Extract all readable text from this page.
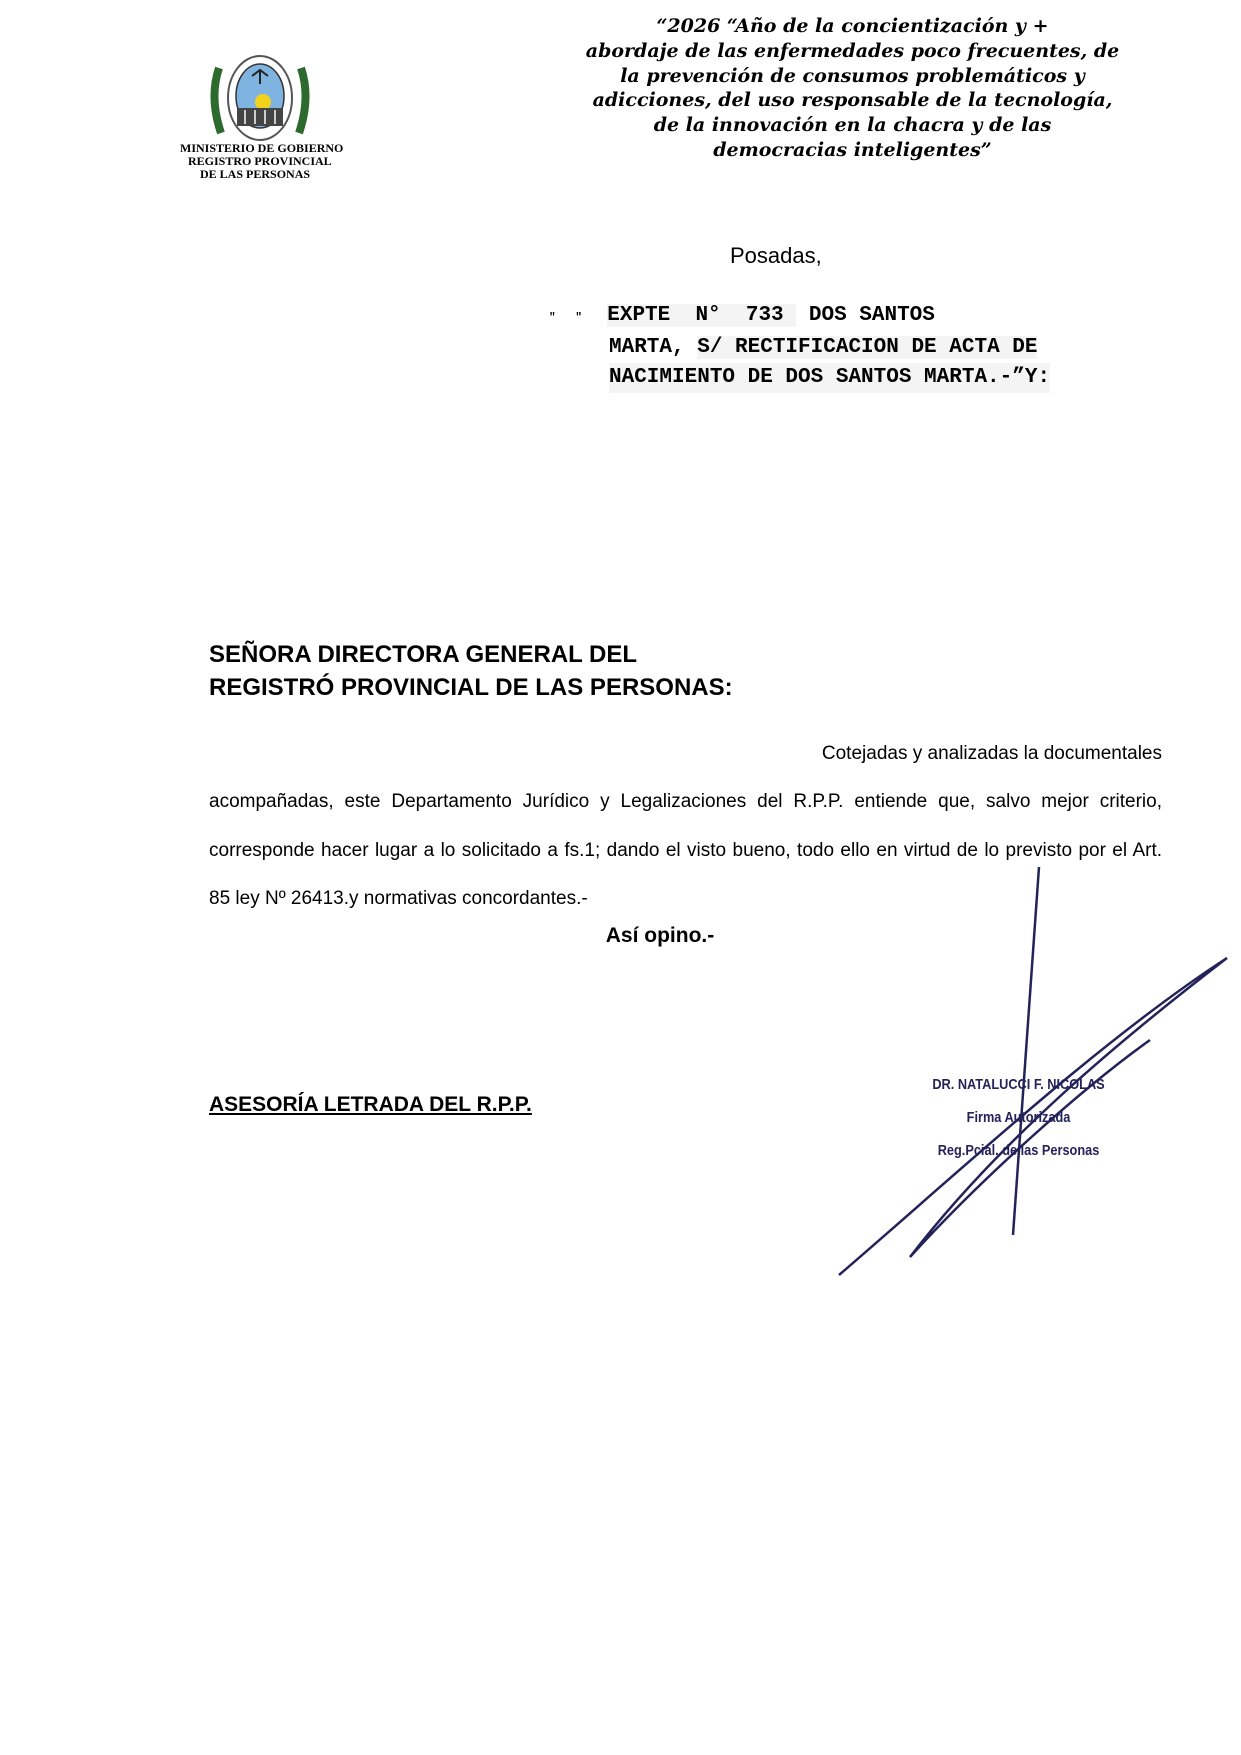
“2026 “Año de la concientización y +
abordaje de las enfermedades poco frecuentes, de
la prevención de consumos problemáticos y
adicciones, del uso responsable de la tecnología,
de la innovación en la chacra y de las
democracias inteligentes”
MINISTERIO DE GOBIERNO
REGISTRO PROVINCIAL
DE LAS PERSONAS
Posadas,
"   " EXPTE  N°  733  DOS SANTOS
MARTA, S/ RECTIFICACION DE ACTA DE
NACIMIENTO DE DOS SANTOS MARTA.-”Y:
SEÑORA DIRECTORA GENERAL DEL
REGISTRÓ PROVINCIAL DE LAS PERSONAS:
Cotejadas y analizadas la documentales
acompañadas, este Departamento Jurídico y Legalizaciones del R.P.P. entiende que, salvo mejor criterio, corresponde hacer lugar a lo solicitado a fs.1; dando el visto bueno, todo ello en virtud de lo previsto por el Art. 85 ley Nº 26413.y normativas concordantes.-
Así opino.-
ASESORÍA LETRADA DEL R.P.P.
DR. NATALUCCI F. NICOLAS
Firma Autorizada
Reg.Pcial. de las Personas
